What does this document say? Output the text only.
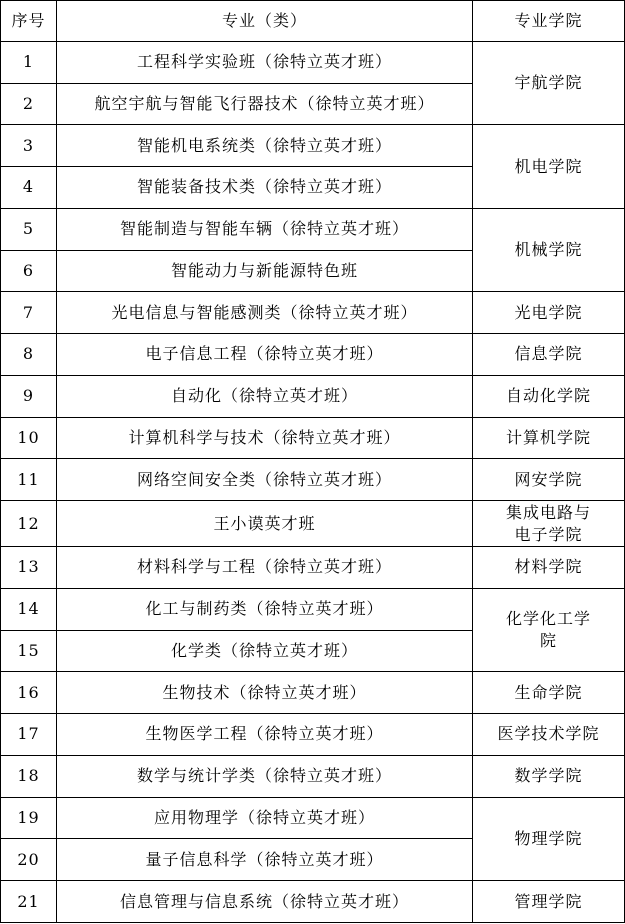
序号	专业（类）	专业学院
1	工程科学实验班（徐特立英才班）	宇航学院
2	航空宇航与智能飞行器技术（徐特立英才班）	
3	智能机电系统类（徐特立英才班）	机电学院
4	智能装备技术类（徐特立英才班）	
5	智能制造与智能车辆（徐特立英才班）	机械学院
6	智能动力与新能源特色班	
7	光电信息与智能感测类（徐特立英才班）	光电学院
8	电子信息工程（徐特立英才班）	信息学院
9	自动化（徐特立英才班）	自动化学院
10	计算机科学与技术（徐特立英才班）	计算机学院
11	网络空间安全类（徐特立英才班）	网安学院
12	王小谟英才班	集成电路与电子学院
13	材料科学与工程（徐特立英才班）	材料学院
14	化工与制药类（徐特立英才班）	化学化工学院
15	化学类（徐特立英才班）	
16	生物技术（徐特立英才班）	生命学院
17	生物医学工程（徐特立英才班）	医学技术学院
18	数学与统计学类（徐特立英才班）	数学学院
19	应用物理学（徐特立英才班）	物理学院
20	量子信息科学（徐特立英才班）	
21	信息管理与信息系统（徐特立英才班）	管理学院
